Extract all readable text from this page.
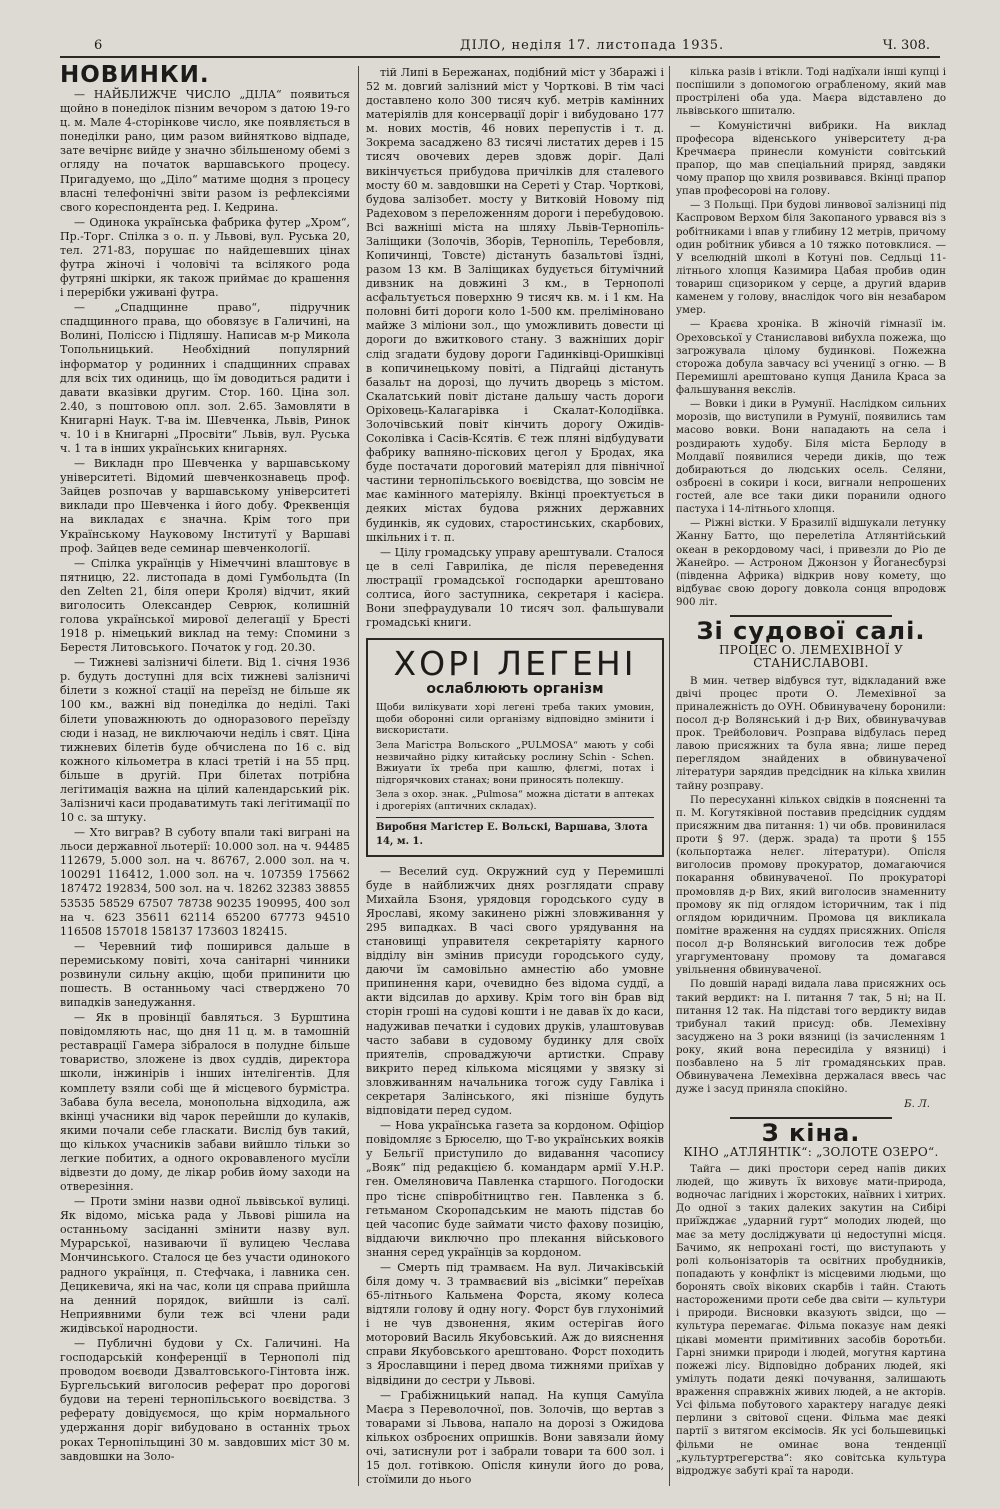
6	ДІЛО, неділя 17. листопада 1935.	Ч. 308.
НОВИНКИ.

— НАЙБЛИЖЧЕ ЧИСЛО „ДІЛА“ появиться щойно в понеділок пізним вечором з датою 19-го ц. м. Мале 4-сторінкове число, яке появляється в понеділки рано, цим разом вийнятково відпаде, зате вечірнє вийде у значно збільшеному обемі з огляду на початок варшавського процесу. Пригадуемо, що „Діло“ матиме щодня з процесу власні телефонічні звіти разом із рефлексіями свого кореспондента ред. І. Кедрина.

— Одинока українська фабрика футер „Хром“, Пр.-Торг. Спілка з о. п. у Львові, вул. Руська 20, тел. 271-83, порушає по найдешевших цінах футра жіночі і чоловічі та всілякого рода футряні шкірки, як також приймає до крашення і перерібки уживані футра.

— „Спадщинне право“, підручник спадщинного права, що обовязує в Галичині, на Волині, Поліссю і Підляшу. Написав м-р Микола Топольницький. Необхідний популярний інформатор у родинних і спадщинних справах для всіх тих одиниць, що їм доводиться радити і давати вказівки другим. Стор. 160. Ціна зол. 2.40, з поштовою опл. зол. 2.65. Замовляти в Книгарні Наук. Т-ва ім. Шевченка, Львів, Ринок ч. 10 і в Книгарні „Просвіти“ Львів, вул. Руська ч. 1 та в інших українських книгарнях.

— Викладн про Шевченка у варшавському університеті. Відомий шевченкознавець проф. Зайцев розпочав у варшавському університеті виклади про Шевченка і його добу. Фреквенція на викладах є значна. Крім того при Українському Науковому Інститутї у Варшаві проф. Зайцев веде семинар шевченкології.

— Спілка українців у Німеччині влаштовує в пятницю, 22. листопада в домі Гумбольдта (In den Zelten 21, біля опери Кроля) відчит, який виголосить Олександер Севрюк, колишній голова української мирової делегації у Бресті 1918 р. німецький виклад на тему: Спомини з Берестя Литовського. Початок у год. 20.30.

— Тижневі залізничі білети. Від 1. січня 1936 р. будуть доступні для всіх тижневі залізничі білети з кожної стації на переїзд не більше як 100 км., важні від понеділка до неділі. Такі білети уповажнюють до одноразового переїзду сюди і назад, не виключаючи неділь і свят. Ціна тижневих білетів буде обчислена по 16 с. від кожного кільометра в класі третій і на 55 прц. більше в другій. При білетах потрібна легітимація важна на цілий календарський рік. Залізничі каси продаватимуть такі легітимації по 10 с. за штуку.

— Хто виграв? В суботу впали такі виграні на льоси державної льотерії: 10.000 зол. на ч. 94485 112679, 5.000 зол. на ч. 86767, 2.000 зол. на ч. 100291 116412, 1.000 зол. на ч. 107359 175662 187472 192834, 500 зол. на ч. 18262 32383 38855 53535 58529 67507 78738 90235 190995, 400 зол на ч. 623 35611 62114 65200 67773 94510 116508 157018 158137 173603 182415.

— Черевний тиф поширився дальше в перемиському повіті, хоча санітарні чинники розвинули сильну акцію, щоби припинити цю пошесть. В останньому часі стверджено 70 випадків занедужання.

— Як в провінції бавляться. З Бурштина повідомляють нас, що дня 11 ц. м. в тамошній реставрації Гамера зібралося в полудне більше товариство, зложене із двох суддів, директора школи, інжинірів і інших інтелігентів. Для комплету взяли собі ще й місцевого бурмістра. Забава була весела, монопольна відходила, аж вкінці учасники від чарок перейшли до кулаків, якими почали себе гласкати. Вислід був такий, що кількох учасників забави вийшло тільки зо легкие побитих, а одного окровавленого мусїли відвезти до дому, де лікар робив йому заходи на отверезіння.

— Проти зміни назви одної львівської вулиці. Як відомо, міська рада у Львові рішила на останньому засіданні змінити назву вул. Мурарської, називаючи її вулицею Чеслава Мончинського. Сталося це без участи одинокого радного українця, п. Стефчака, і лавника сен. Децикевича, які на час, коли ця справа прийшла на денний порядок, вийшли із салї. Неприявними були теж всі члени ради жидівської народности.

— Публичні будови у Сх. Галичині. На господарській конференції в Тернополі під проводом воєводи Дзвалтовського-Гінтовта інж. Бургельський виголосив реферат про дорогові будови на терені тернопільського воєвідства. З реферату довідуємося, що крім нормального удержання доріг вибудовано в останніх трьох роках Тернопільщині 30 м. завдовших міст 30 м. завдовшки на Золо-

тій Липі в Бережанах, подібний міст у Збаражі і 52 м. довгий залізний міст у Чорткові. В тім часі доставлено коло 300 тисяч куб. метрів камінних матеріялів для консервації доріг і вибудовано 177 м. нових мостів, 46 нових перепустів і т. д. Зокрема засаджено 83 тисячі листатих дерев і 15 тисяч овочевих дерев здовж доріг. Далі викінчується прибудова причілків для сталевого мосту 60 м. завдовшки на Сереті у Стар. Чорткові, будова залізобет. мосту у Витковій Новому під Радеховом з переложенням дороги і перебудовою. Всі важніші міста на шляху Львів-Тернопіль-Заліщики (Золочів, Зборів, Тернопіль, Теребовля, Копичинці, Товсте) дістануть базальтові їздні, разом 13 км. В Заліщиках будується бітумічний дивзник на довжині 3 км., в Тернополі асфальтується поверхню 9 тисяч кв. м. і 1 км. На половні биті дороги коло 1-500 км. преліміновано майже 3 міліони зол., що уможливить довести ці дороги до вжиткового стану. З важніших доріг слід згадати будову дороги Гадинківці-Оришківці в копичинецькому повіті, а Підгайці дістануть базальт на дорозі, що лучить дворець з містом. Скалатський повіт дістане дальшу часть дороги Оріховець-Калагарівка і Скалат-Колодіївка. Золочівський повіт кінчить дорогу Ожидів-Соколівка і Сасів-Ксятів. Є теж пляні відбудувати фабрику вапняно-піскових цегол у Бродах, яка буде постачати дороговий матеріял для північної частини тернопільського воєвідства, що зовсім не має камінного матеріялу. Вкінці проектується в деяких містах будова ряжних державних будинків, як судових, старостинських, скарбових, шкільних і т. п.

— Цілу громадську управу арештували. Сталося це в селі Гавриліка, де після переведення люстрації громадської господарки арештовано солтиса, його заступника, секретаря і касієра. Вони зпефраудували 10 тисяч зол. фальшували громадські книги.

ХОРІ ЛЕГЕНІ
ослаблюють організм

Щоби вилікувати хорі легені треба таких умовин, щоби оборонні сили організму відповідно змінити і вискористати.

Зела Магістра Вольского „PULMOSA“ мають у собі незвичайно рідку китайську рослину Schin - Schen. Вжиуати їх треба при кашлю, флєгмі, потах і підгорячкових станах; вони приносять полекшу.

Зела з охор. знак. „Pulmosa“ можна дістати в аптеках і дрогеріях (аптичних складах).

Виробня Магістер Е. Вольскі, Варшава, Злота 14, м. 1.

— Веселий суд. Окружний суд у Перемишлі буде в найближчих днях розглядати справу Михайла Бзоня, урядовця городського суду в Ярославі, якому закинено ріжні зловживання у 295 випадках. В часі свого урядування на становищі управителя секретаріяту карного відділу він змінив присуди городського суду, даючи їм самовільно амнестію або умовне припинення кари, очевидно без відома суддї, а акти відсилав до архиву. Крім того він брав від сторін гроші на судові кошти і не давав їх до каси, надуживав печатки і судових друків, улаштовував часто забави в судовому будинку для своїх приятелів, спроваджуючи артистки. Справу викрито перед кількома місяцями у звязку зі зловживанням начальника тогож суду Гавліка і секретаря Залінського, які пізніше будуть відповідати перед судом.

— Нова українська газета за кордоном. Офіціор повідомляє з Брюселю, що Т-во українських вояків у Бельгії приступило до видавання часопису „Вояк“ під редакцією б. командарм армії У.Н.Р. ген. Омеляновича Павленка старшого. Погодоски про тіснє співробітництво ген. Павленка з б. гетьманом Скоропадським не мають підстав бо цей часопис буде займати чисто фахову позицію, віддаючи виключно про плекання військового знання серед українців за кордоном.

— Смерть під трамваєм. На вул. Личаківській біля дому ч. 3 трамваєвий віз „вісімки“ переїхав 65-літнього Кальмена Форста, якому колеса відтяли голову й одну ногу. Форст був глухонімий і не чув дзвонення, яким остерігав його моторовий Василь Якубовський. Аж до вияснення справи Якубовського арештовано. Форст походить з Ярославщини і перед двома тижнями приїхав у відвідини до сестри у Львові.

— Грабіжницький напад. На купця Самуїла Маєра з Переволочної, пов. Золочів, що вертав з товарами зі Львова, напало на дорозі з Ожидова кількох озброєних опришків. Вони завязали йому очі, затиснули рот і забрали товари та 600 зол. і 15 дол. готівкою. Опісля кинули його до рова, стоїмили до нього

кілька разів і втікли. Тоді надїхали інші купці і поспішили з допомогою ограбленому, який мав прострілені оба уда. Маєра відставлено до львівського шпиталю.

— Комуністичні вибрики. На виклад професора віденського університету д-ра Кречмаєра принесли комуністи совітський прапор, що мав спеціальний приряд, завдяки чому прапор що хвиля розвивався. Вкінці прапор упав професорові на голову.

— З Польщі. При будові линвової залізниці під Каспровом Верхом біля Закопаного урвався віз з робітниками і впав у глибину 12 метрів, причому один робітник убився а 10 тяжко потовклися. — У вселюдній школі в Котуні пов. Седльці 11-літнього хлопця Казимира Цабая пробив один товариш сцизориком у серце, а другий вдарив каменем у голову, внаслідок чого він незабаром умер.

— Краєва хроніка. В жіночій гімназії ім. Ореховської у Станиславові вибухла пожежа, що загрожувала цілому будинкові. Пожежна сторожа добула завчасу всі ученицї з огню. — В Перемишлі арештовано купця Данила Краса за фальшування векслів.

— Вовки і дики в Румунії. Наслідком сильних морозів, що виступили в Румунії, появились там масово вовки. Вони нападають на села і роздирають худобу. Біля міста Берлоду в Молдавії появилися череди диків, що теж добираються до людських осель. Селяни, озброєні в сокири і коси, вигнали непрошених гостей, але все таки дики поранили одного пастуха і 14-літнього хлопця.

— Ріжні вістки. У Бразилії відшукали летунку Жанну Батто, що перелетіла Атлянтійський океан в рекордовому часі, і привезли до Ріо де Жанейро. — Астроном Джонзон у Йоганесбурзі (південна Африка) відкрив нову комету, що відбуває свою дорогу довкола сонця впродовж 900 літ.

Зі судової салі.
ПРОЦЕС О. ЛЕМЕХІВНОЇ У СТАНИСЛАВОВІ.

В мин. четвер відбувся тут, відкладаний вже двічі процес проти О. Лемехівної за приналежність до ОУН. Обвинувачену боронили: посол д-р Волянський і д-р Вих, обвинувачував прок. Трейболович. Розправа відбулась перед лавою присяжних та була явна; лише перед переглядом знайдених в обвинуваченої літератури зарядив предсідник на кілька хвилин тайну розправу.

По пересуханні кількох свідків в поясненні та п. М. Когутяківной поставив предсідник суддям присяжним два питання: 1) чи обв. провинилася проти § 97. (держ. зрада) та проти § 155 (кольпортажа нелєг. літератури). Опісля виголосив промову прокуратор, домагаючися покарання обвинуваченої. По прокураторі промовляв д-р Вих, який виголосив знаменниту промову як під оглядом історичним, так і під оглядом юридичним. Промова ця викликала помітне враження на суддях присяжних. Опісля посол д-р Волянський виголосив теж добре угаргументовану промову та домагався увільнення обвинуваченої.

По довшій нараді видала лава присяжних ось такий вердикт: на I. питання 7 так, 5 ні; на II. питання 12 так. На підставі того вердикту видав трибунал такий присуд: обв. Лемехівну засуджено на 3 роки вязниці (із зачисленням 1 року, який вона пересиділа у вязниці) і позбавлено на 5 літ громадянських прав. Обвинувачена Лемехівна держалася ввесь час дуже і засуд приняла спокійно.

Б. Л.
З кіна.
КІНО „АТЛЯНТІК“: „ЗОЛОТЕ ОЗЕРО“.

Тайга — дикі простори серед напів диких людей, що живуть їх виховує мати-природа, водночас лагідних і жорстоких, наївних і хитрих. До одної з таких далеких закутин на Сибірі приїжджає „ударний гурт“ молодих людей, що має за мету досліджувати ці недоступні місця. Бачимо, як непрохані гості, що виступають у ролі кольонізаторів та освітних пробудників, попадають у конфлікт із місцевими людьми, що боронять своїх вікових скарбів і тайн. Стають настороженими проти себе два світи — культури і природи. Висновки вказують звідси, що — культура перемагає. Фільма показує нам деякі цікаві моменти примітивних засобів боротьби. Гарні знимки природи і людей, могутня картина пожежі лісу. Відповідно добраних людей, які умілуть подати деякі почування, залишають враження справжніх живих людей, а не акторів. Усі фільма побутового характеру нагадує деякі перлини з світової сцени. Фільма має деякі партії з витягом ексімосів. Як усі большевицькі фільми не оминає вона тенденції „культуртрегерства“: яко совітська культура відроджує забуті краї та народи.
